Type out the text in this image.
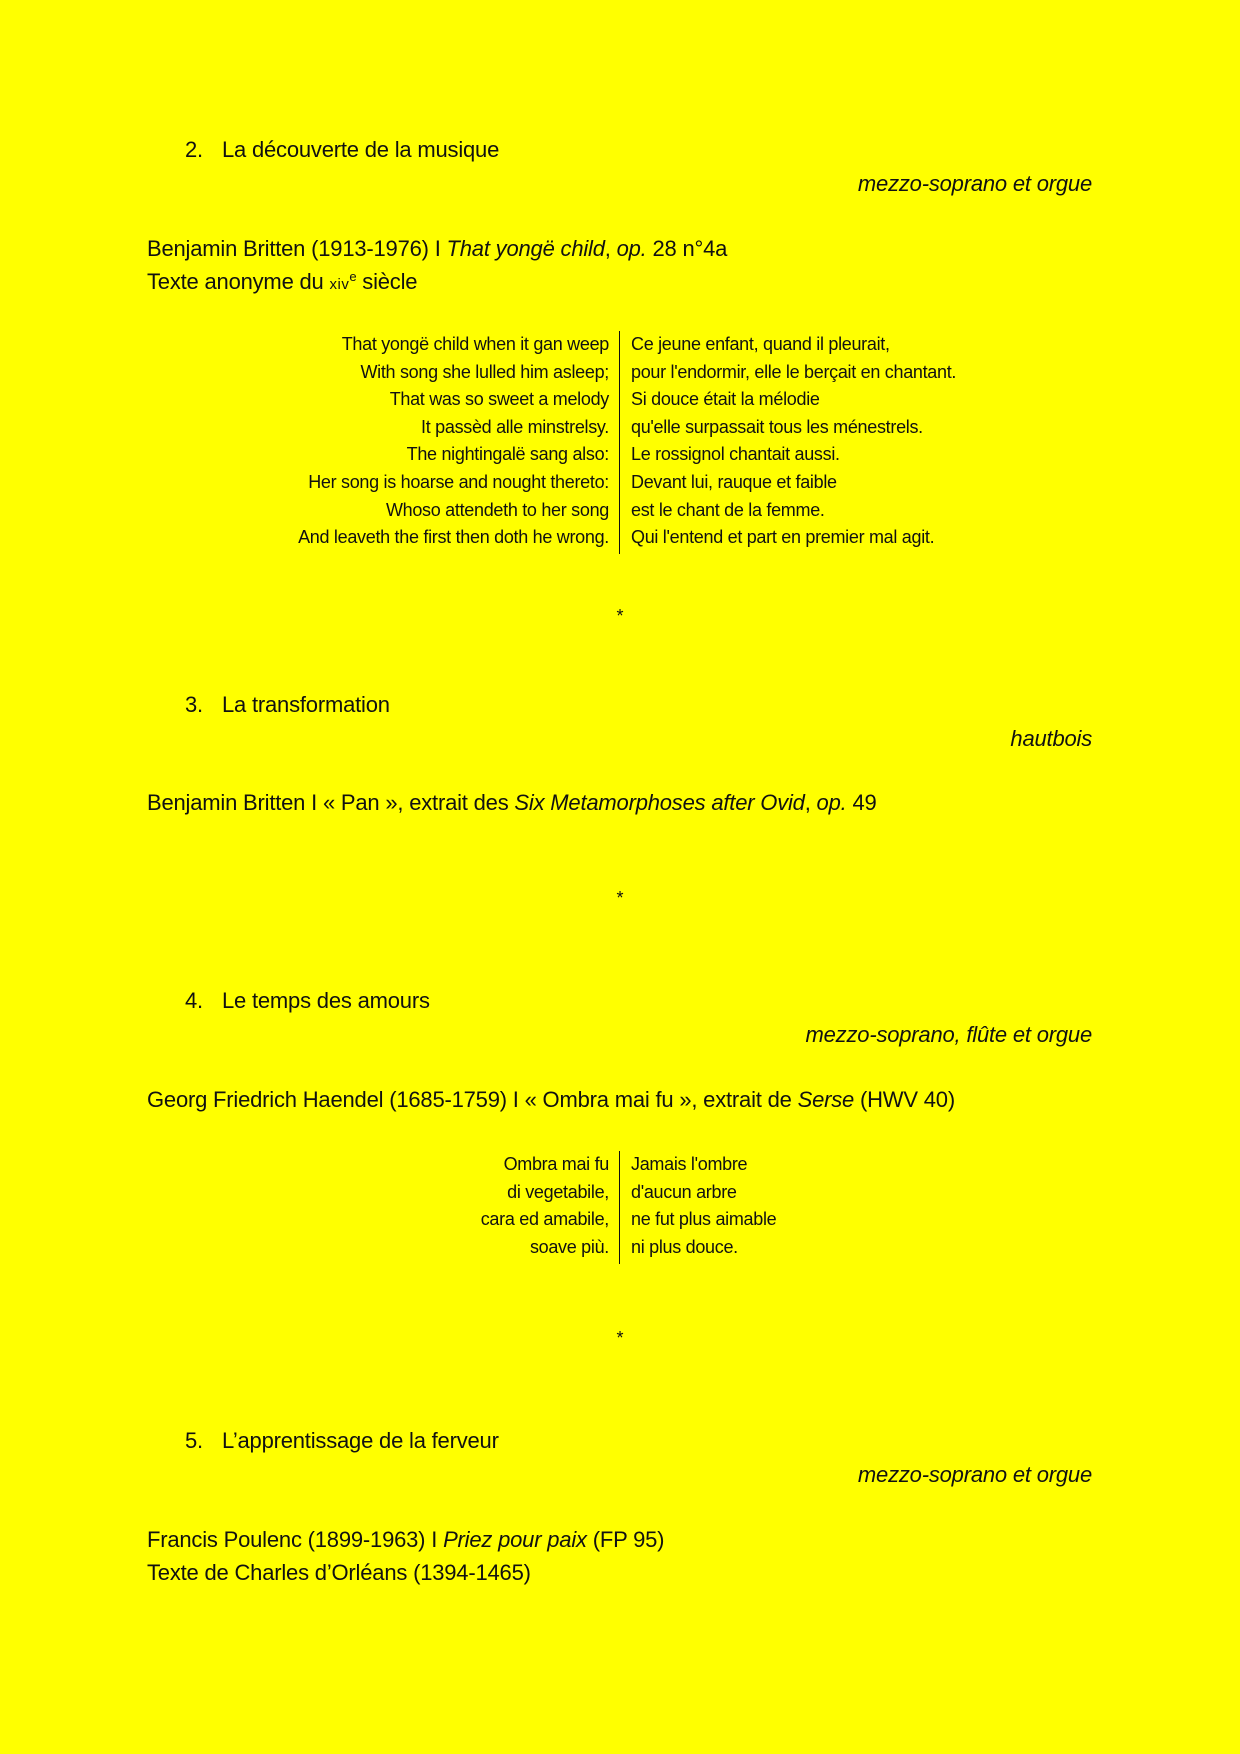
2. La découverte de la musique
mezzo-soprano et orgue
Benjamin Britten (1913-1976) I That yongë child, op. 28 n°4a
Texte anonyme du xiv$^e$ siècle
That yongë child when it gan weep
With song she lulled him asleep;
That was so sweet a melody
It passèd alle minstrelsy.
The nightingalë sang also:
Her song is hoarse and nought thereto:
Whoso attendeth to her song
And leaveth the first then doth he wrong.
Ce jeune enfant, quand il pleurait,
pour l'endormir, elle le berçait en chantant.
Si douce était la mélodie
qu'elle surpassait tous les ménestrels.
Le rossignol chantait aussi.
Devant lui, rauque et faible
est le chant de la femme.
Qui l'entend et part en premier mal agit.
*
3. La transformation
hautbois
Benjamin Britten I « Pan », extrait des Six Metamorphoses after Ovid, op. 49
*
4. Le temps des amours
mezzo-soprano, flûte et orgue
Georg Friedrich Haendel (1685-1759) I « Ombra mai fu », extrait de Serse (HWV 40)
Ombra mai fu
di vegetabile,
cara ed amabile,
soave più.
Jamais l'ombre
d'aucun arbre
ne fut plus aimable
ni plus douce.
*
5. L’apprentissage de la ferveur
mezzo-soprano et orgue
Francis Poulenc (1899-1963) I Priez pour paix (FP 95)
Texte de Charles d’Orléans (1394-1465)
